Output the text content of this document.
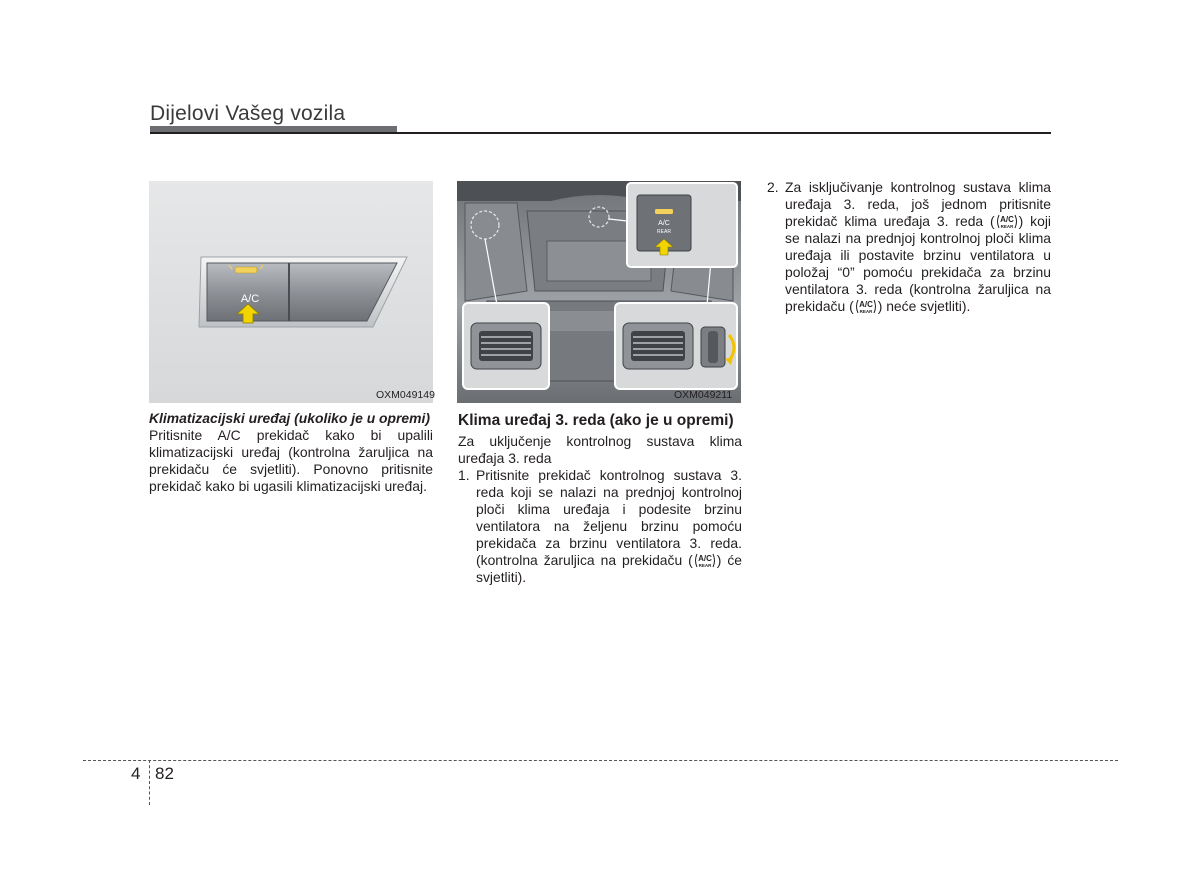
Dijelovi Vašeg vozila
A/C
OXM049149
A/C
REAR
OXM049211
Klimatizacijski uređaj (ukoliko je u opremi)
Pritisnite A/C prekidač kako bi upalili klimatizacijski uređaj (kontrolna žaruljica na prekidaču će svjetliti). Ponovno pritisnite prekidač kako bi ugasili klimatizacijski uređaj.
Klima uređaj 3. reda (ako je u opremi)
Za uključenje kontrolnog sustava klima uređaja 3. reda
1. Pritisnite prekidač kontrolnog sustava 3. reda koji se nalazi na prednjoj kontrolnoj ploči klima uređaja i podesite brzinu ventilatora na željenu brzinu pomoću prekidača za brzinu ventilatora 3. reda. (kontrolna žaruljica na prekidaču ( A/C
REAR ) će svjetliti).
2. Za isključivanje kontrolnog sustava klima uređaja 3. reda, još jednom pritisnite prekidač klima uređaja 3. reda ( A/C
REAR ) koji se nalazi na prednjoj kontrolnoj ploči klima uređaja ili postavite brzinu ventilatora u položaj “0” pomoću prekidača za brzinu ventilatora 3. reda (kontrolna žaruljica na prekidaču ( A/C
REAR ) neće svjetliti).
4 82
